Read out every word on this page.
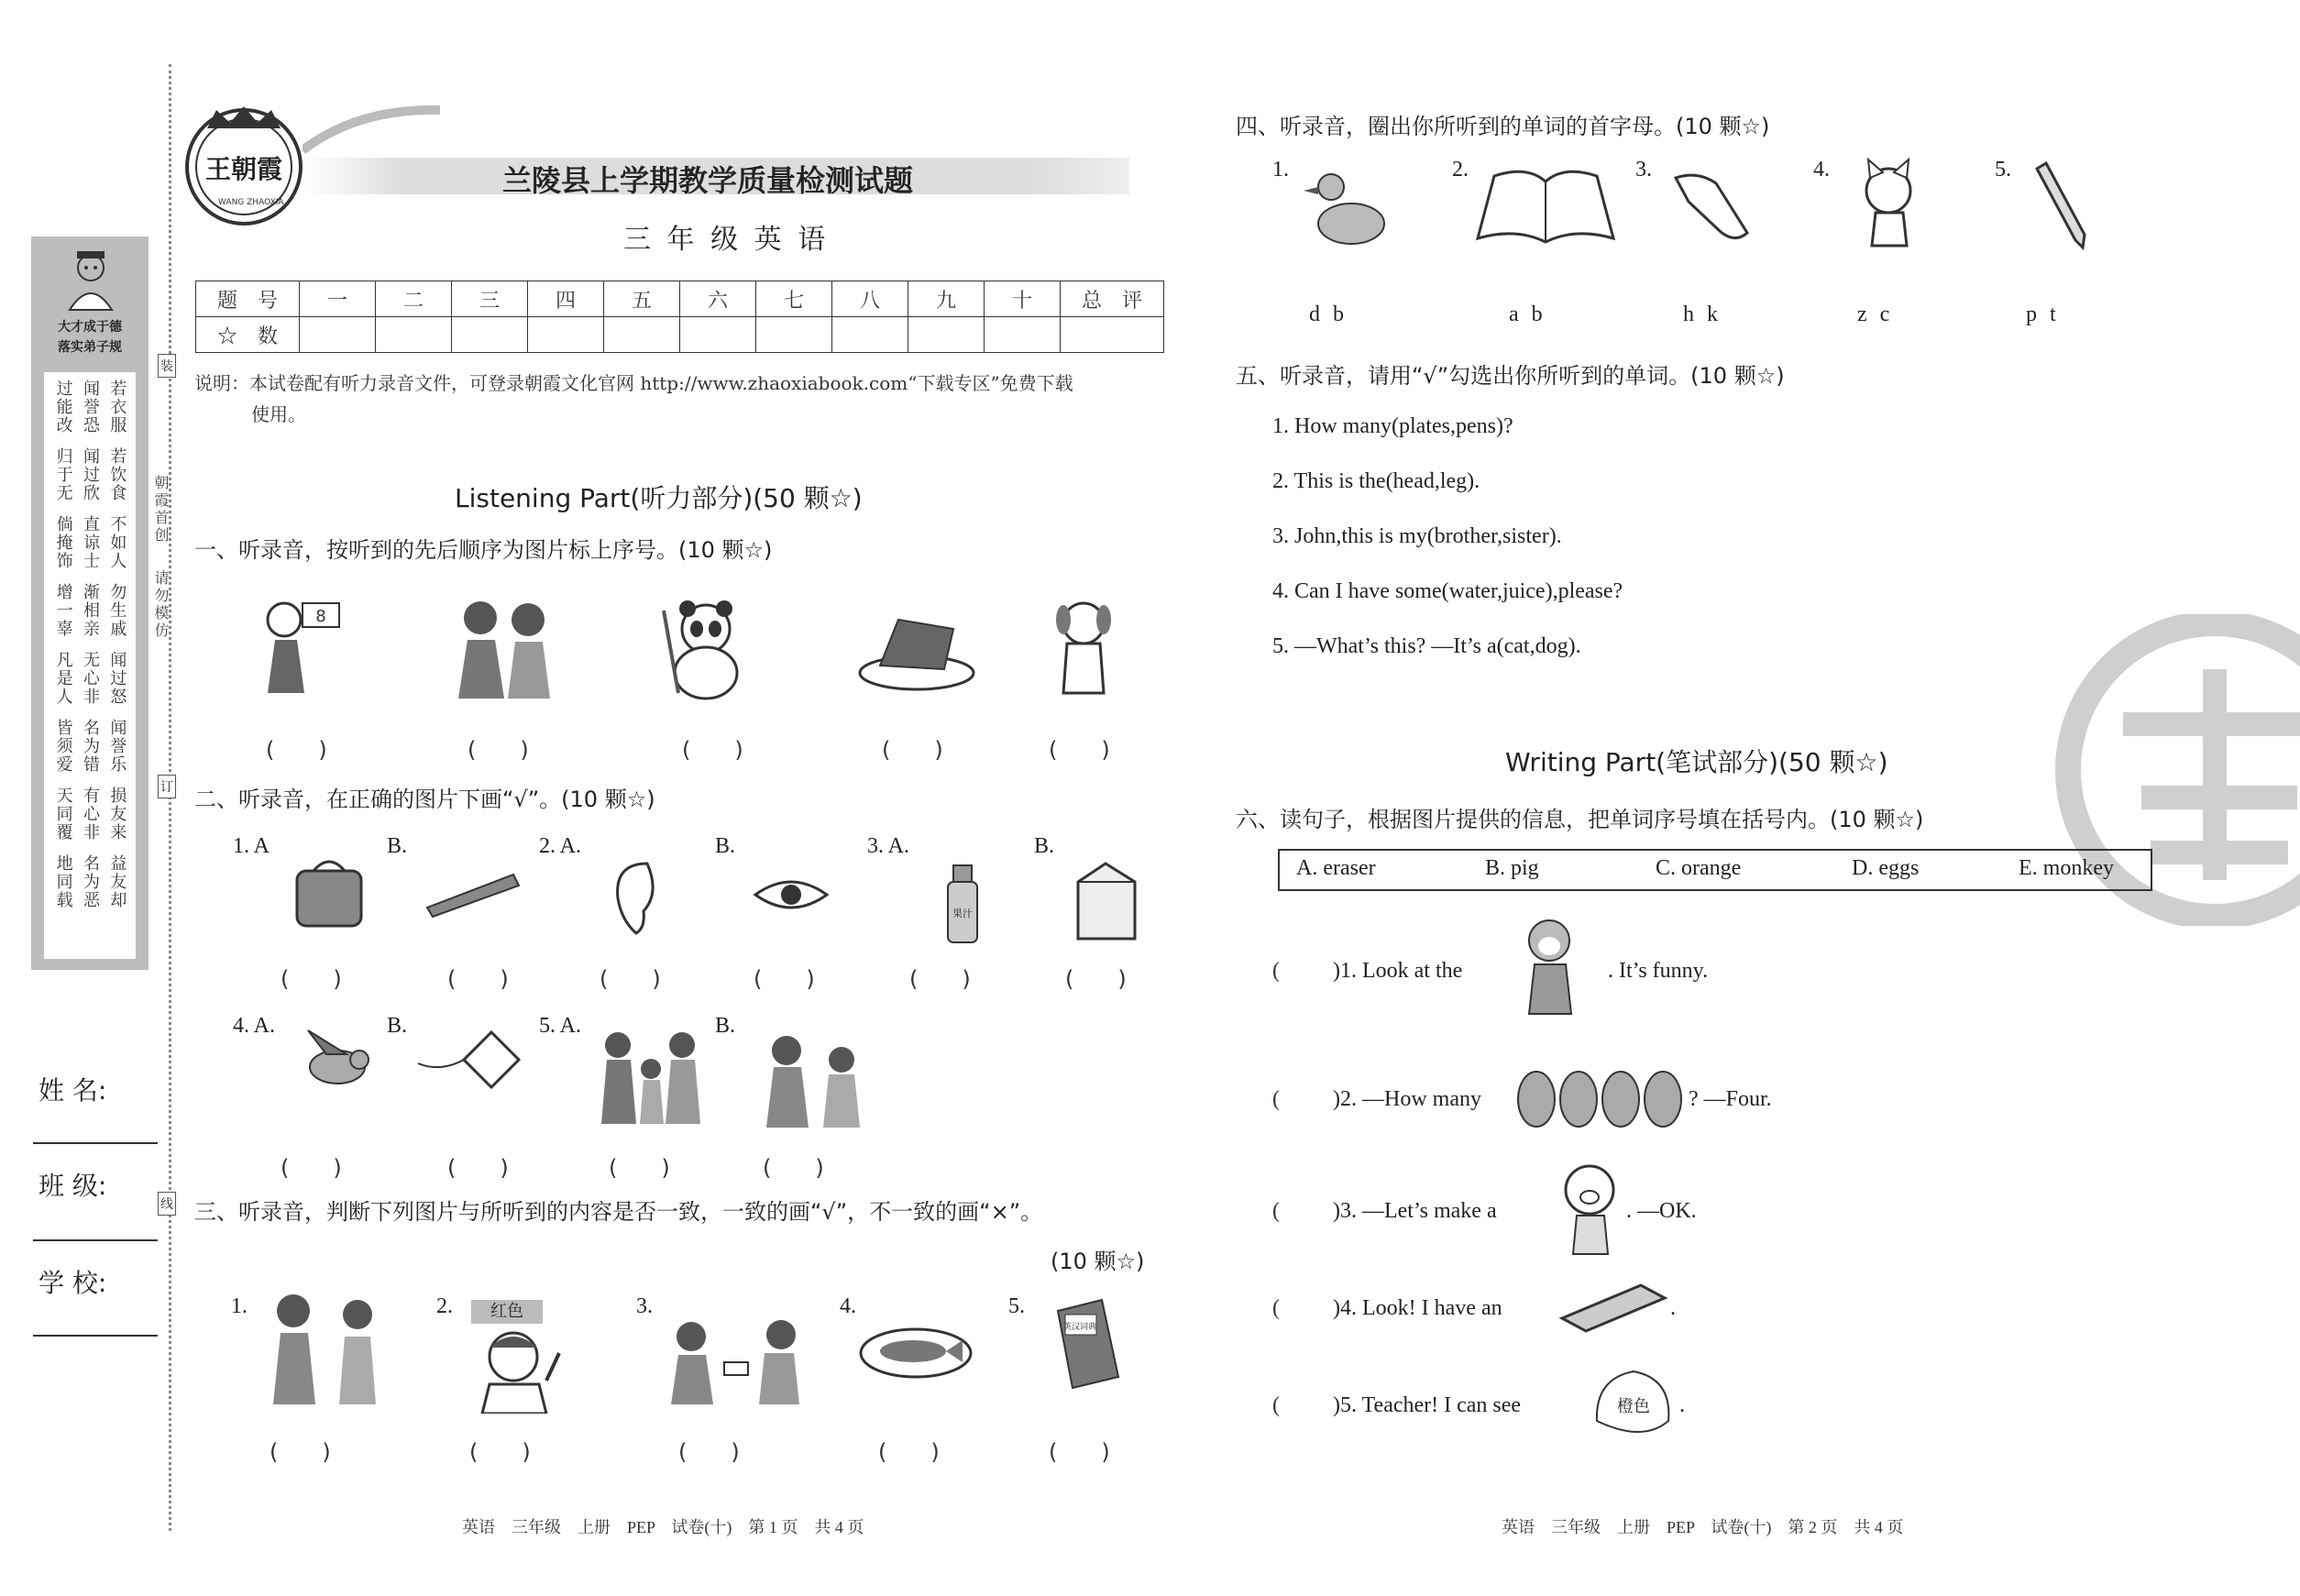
大才成于德
落实弟子规
过能改 闻誉恐 若衣服
归于无 闻过欣 若饮食
倘掩饰 直谅士 不如人
增一辜 渐相亲 勿生戚
凡是人 无心非 闻过怒
皆须爱 名为错 闻誉乐
天同覆 有心非 损友来
地同载 名为恶 益友却
朝霞首创
请勿模仿
装
订
线
姓 名:
班 级:
学 校:
王朝霞
WANG ZHAOXIA
兰陵县上学期教学质量检测试题
三 年 级 英 语
题　号	一	二	三	四	五	六	七	八	九	十	总　评
☆　数											
说明：本试卷配有听力录音文件，可登录朝霞文化官网 http://www.zhaoxiabook.com“下载专区”免费下载
使用。
Listening Part(听力部分)(50 颗☆)
一、听录音，按听到的先后顺序为图片标上序号。(10 颗☆)
8
(　　)	(　　)	(　　)	(　　)	(　　)
二、听录音，在正确的图片下画“√”。(10 颗☆)
1. A	B.	2. A.	B.	3. A.	B.
果汁
(　　)	(　　)	(　　)	(　　)	(　　)	(　　)
4. A.	B.	5. A.	B.
(　　)	(　　)	(　　)	(　　)
三、听录音，判断下列图片与所听到的内容是否一致，一致的画“√”，不一致的画“×”。
(10 颗☆)
1.	2.	3.	4.	5.
红色
英汉词典
(　　)	(　　)	(　　)	(　　)	(　　)
英语　三年级　上册　PEP　试卷(十)　第 1 页　共 4 页
四、听录音，圈出你所听到的单词的首字母。(10 颗☆)
1.	2.	3.	4.	5.
d b	a b	h k	z c	p t
五、听录音，请用“√”勾选出你所听到的单词。(10 颗☆)
1. How many(plates,pens)?
2. This is the(head,leg).
3. John,this is my(brother,sister).
4. Can I have some(water,juice),please?
5. —What’s this? —It’s a(cat,dog).
Writing Part(笔试部分)(50 颗☆)
六、读句子，根据图片提供的信息，把单词序号填在括号内。(10 颗☆)
A. eraser	B. pig	C. orange	D. eggs	E. monkey
( )1. Look at the	. It’s funny.
( )2. —How many	? —Four.
( )3. —Let’s make a	. —OK.
( )4. Look! I have an	.
( )5. Teacher! I can see	橙色 .
英语　三年级　上册　PEP　试卷(十)　第 2 页　共 4 页
